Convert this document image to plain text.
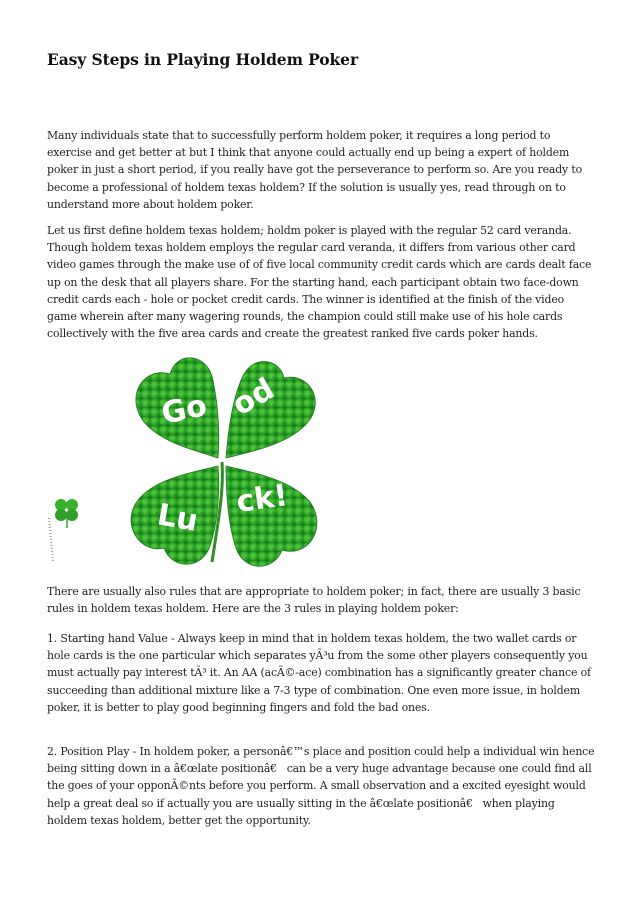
Easy Steps in Playing Holdem Poker

Many individuals state that to successfully perform holdem poker, it requires a long period to exercise and get better at but I think that anyone could actually end up being a expert of holdem poker in just a short period, if you really have got the perseverance to perform so. Are you ready to become a professional of holdem texas holdem? If the solution is usually yes, read through on to understand more about holdem poker.

Let us first define holdem texas holdem; holdm poker is played with the regular 52 card veranda. Though holdem texas holdem employs the regular card veranda, it differs from various other card video games through the make use of of five local community credit cards which are cards dealt face up on the desk that all players share. For the starting hand, each participant obtain two face-down credit cards each - hole or pocket credit cards. The winner is identified at the finish of the video game wherein after many wagering rounds, the champion could still make use of his hole cards collectively with the five area cards and create the greatest ranked five cards poker hands.

Go od
Lu ck!

There are usually also rules that are appropriate to holdem poker; in fact, there are usually 3 basic rules in holdem texas holdem. Here are the 3 rules in playing holdem poker:

1. Starting hand Value - Always keep in mind that in holdem texas holdem, the two wallet cards or hole cards is the one particular which separates yÃ³u from the some other players consequently you must actually pay interest tÃ³ it. An AA (acÃ©-ace) combination has a significantly greater chance of succeeding than additional mixture like a 7-3 type of combination. One even more issue, in holdem poker, it is better to play good beginning fingers and fold the bad ones.

2. Position Play - In holdem poker, a personâ€™s place and position could help a individual win hence being sitting down in a â€œlate positionâ€ can be a very huge advantage because one could find all the goes of your opponÃ©nts before you perform. A small observation and a excited eyesight would help a great deal so if actually you are usually sitting in the â€œlate positionâ€ when playing holdem texas holdem, better get the opportunity.
